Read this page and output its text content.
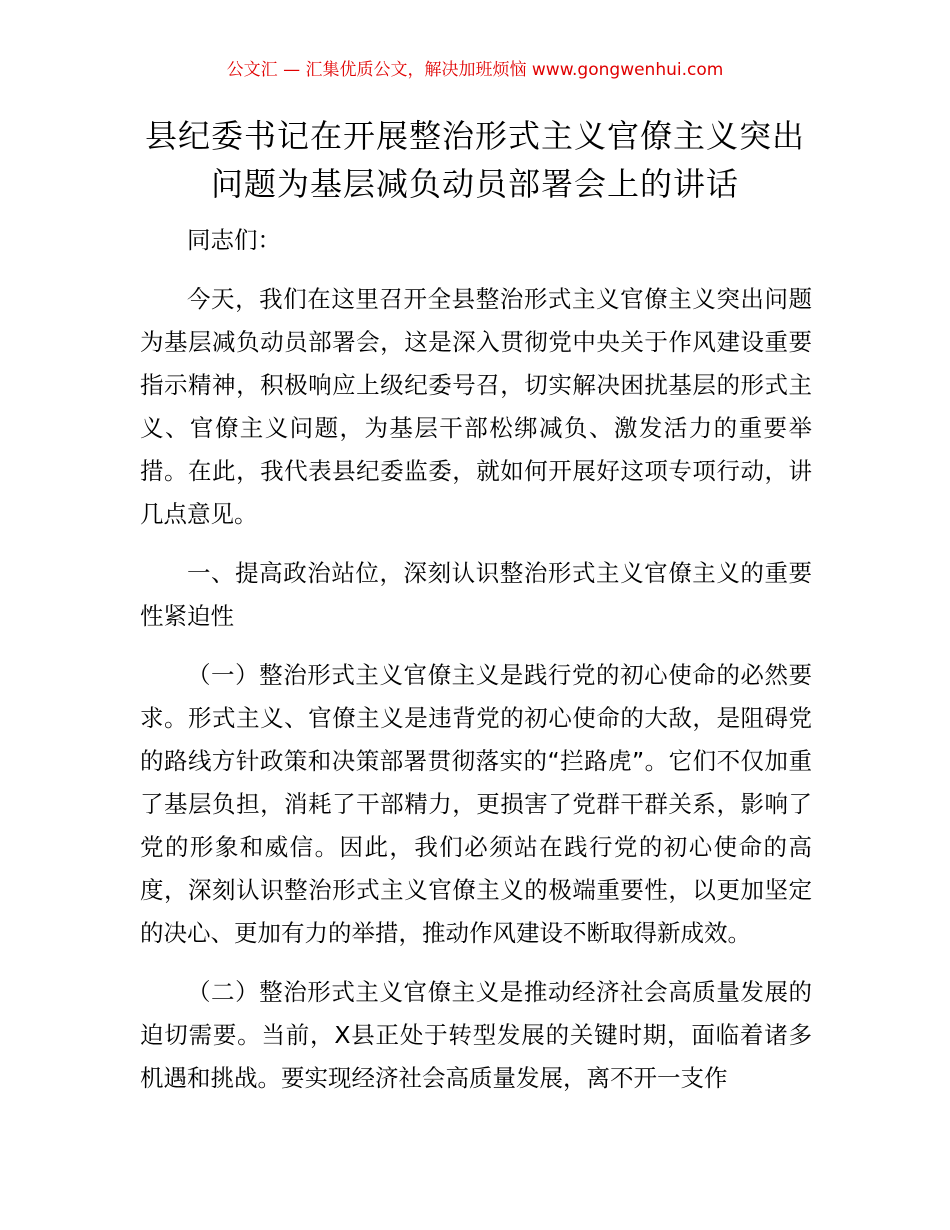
公文汇 — 汇集优质公文，解决加班烦恼 www.gongwenhui.com
县纪委书记在开展整治形式主义官僚主义突出
问题为基层减负动员部署会上的讲话

同志们：

今天，我们在这里召开全县整治形式主义官僚主义突出问题为基层减负动员部署会，这是深入贯彻党中央关于作风建设重要指示精神，积极响应上级纪委号召，切实解决困扰基层的形式主义、官僚主义问题，为基层干部松绑减负、激发活力的重要举措。在此，我代表县纪委监委，就如何开展好这项专项行动，讲几点意见。

一、提高政治站位，深刻认识整治形式主义官僚主义的重要性紧迫性

（一）整治形式主义官僚主义是践行党的初心使命的必然要求。形式主义、官僚主义是违背党的初心使命的大敌，是阻碍党的路线方针政策和决策部署贯彻落实的“拦路虎”。它们不仅加重了基层负担，消耗了干部精力，更损害了党群干群关系，影响了党的形象和威信。因此，我们必须站在践行党的初心使命的高度，深刻认识整治形式主义官僚主义的极端重要性，以更加坚定的决心、更加有力的举措，推动作风建设不断取得新成效。

（二）整治形式主义官僚主义是推动经济社会高质量发展的迫切需要。当前，X县正处于转型发展的关键时期，面临着诸多机遇和挑战。要实现经济社会高质量发展，离不开一支作
